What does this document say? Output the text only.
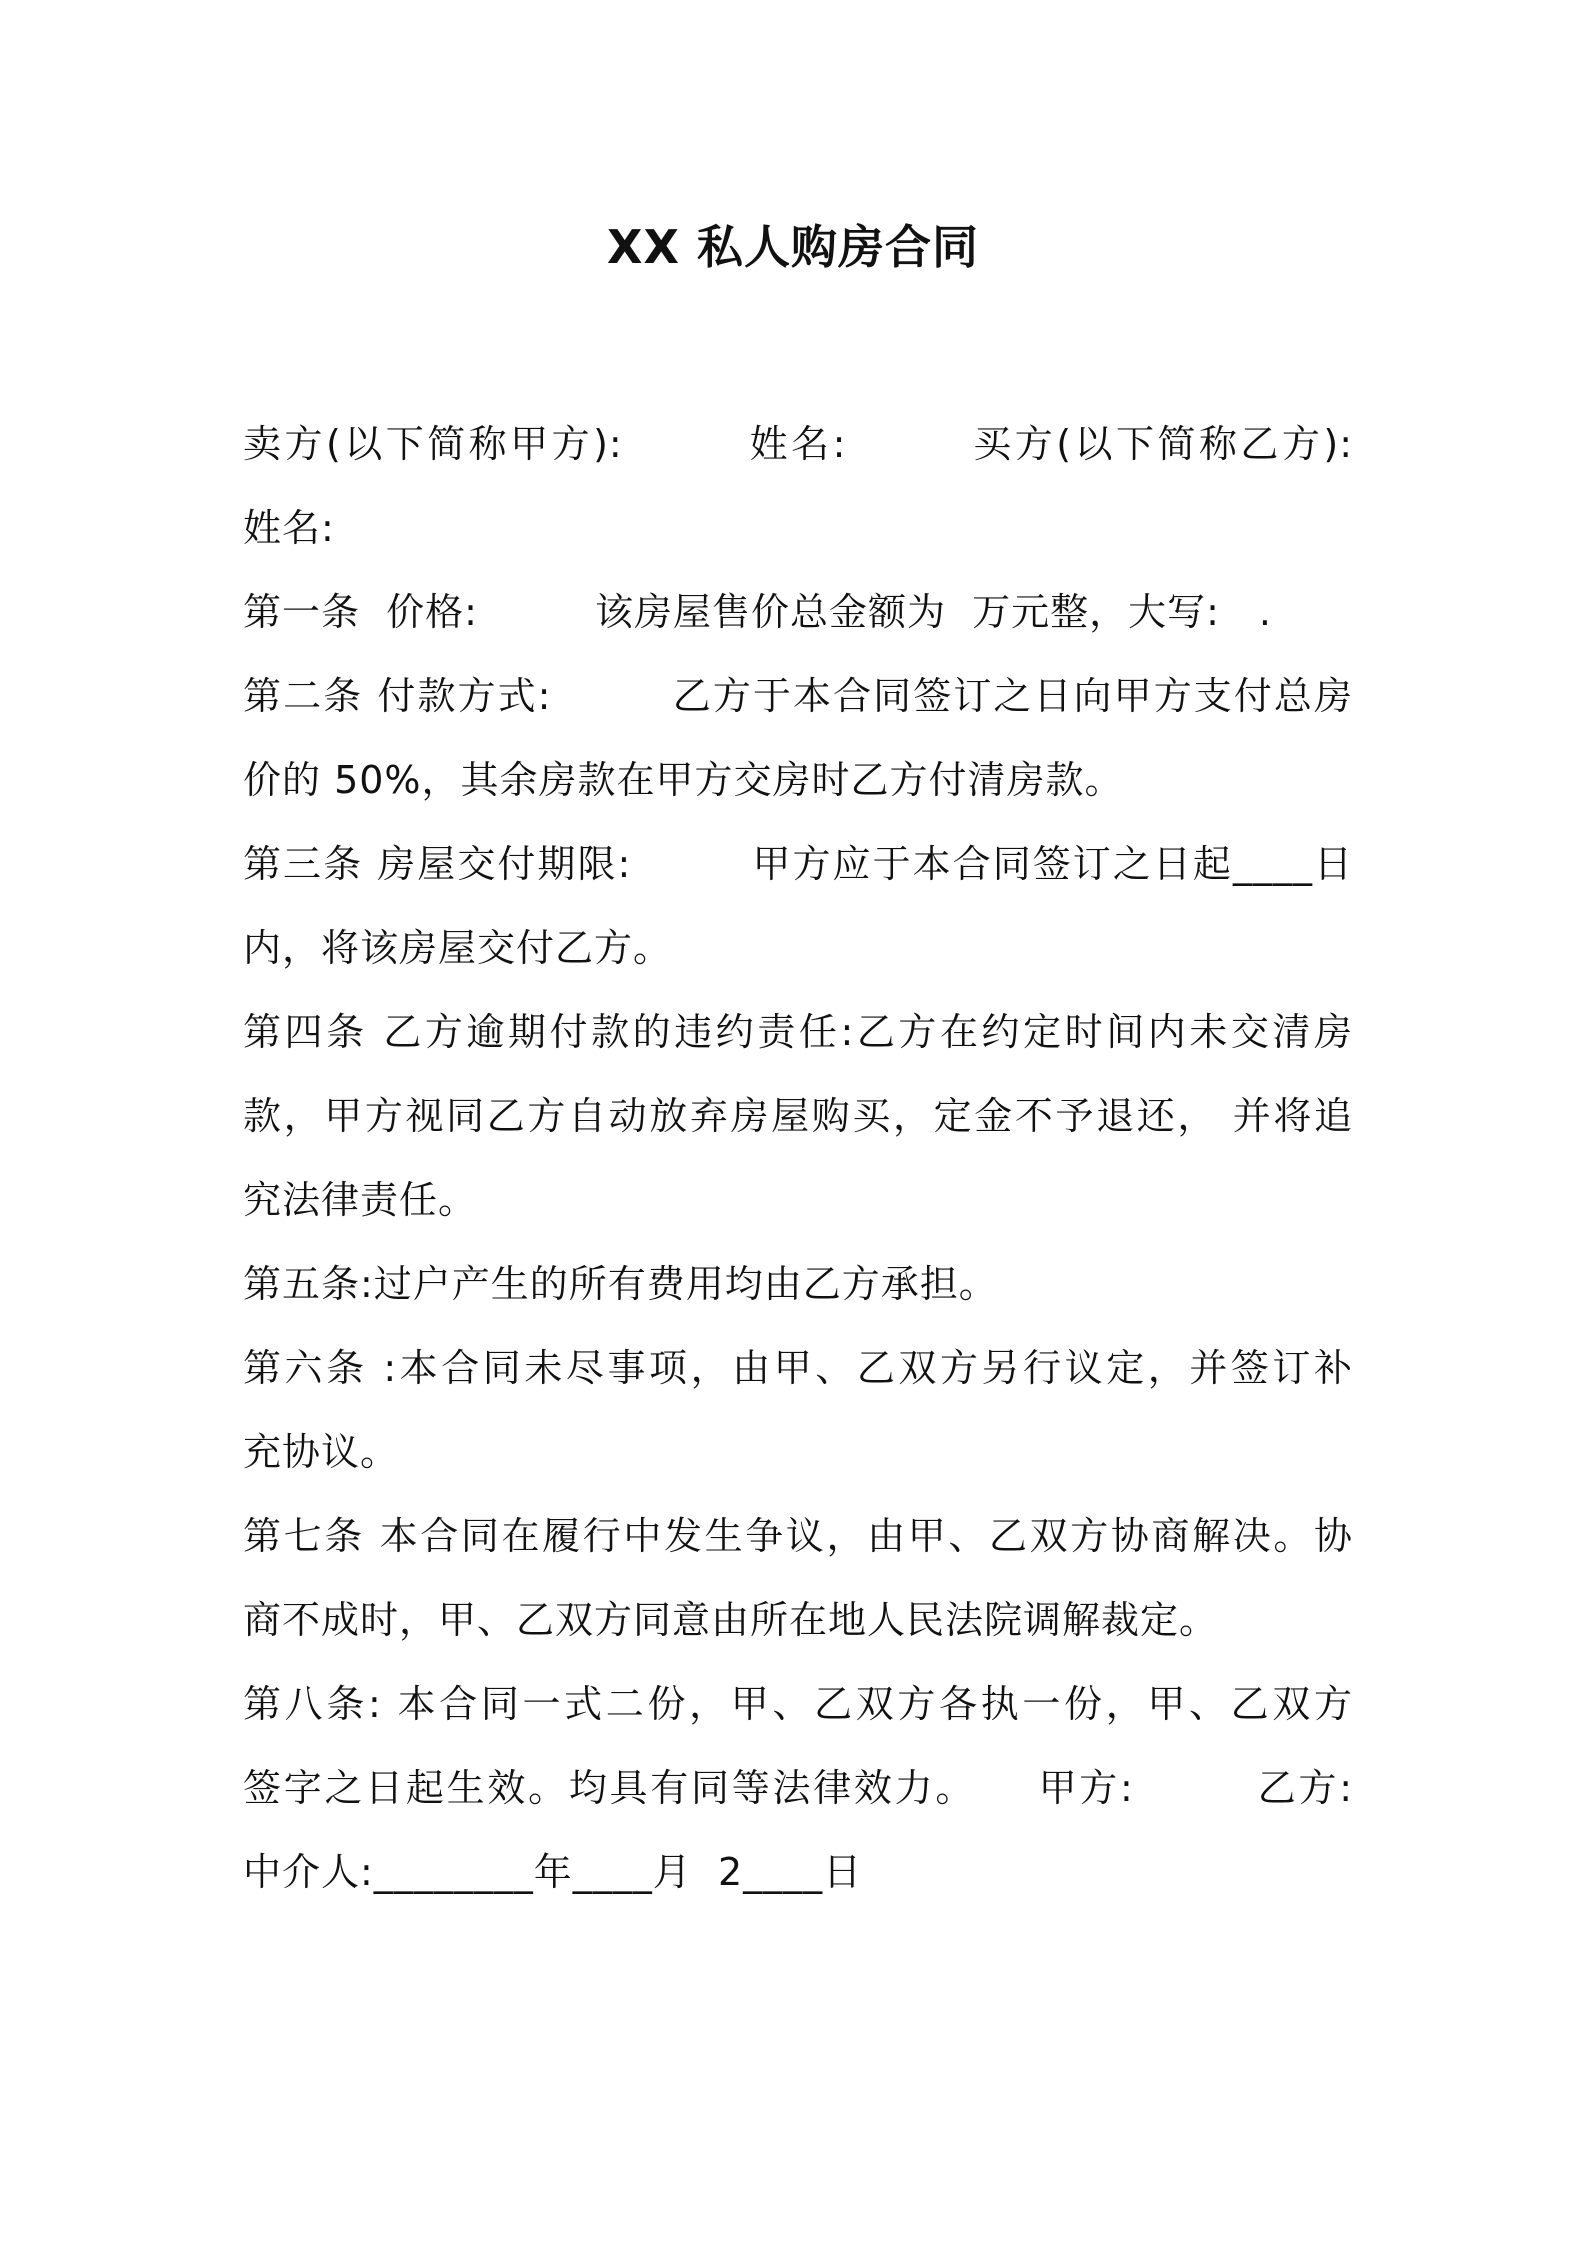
XX 私人购房合同
卖方(以下简称甲方):　　　姓名:　　　买方(以下简称乙方):
姓名:
第一条  价格:　　　该房屋售价总金额为  万元整，大写:　.
第二条 付款方式:　　　乙方于本合同签订之日向甲方支付总房
价的 50%，其余房款在甲方交房时乙方付清房款。
第三条 房屋交付期限:　　　甲方应于本合同签订之日起____日
内，将该房屋交付乙方。
第四条 乙方逾期付款的违约责任:乙方在约定时间内未交清房
款，甲方视同乙方自动放弃房屋购买，定金不予退还， 并将追
究法律责任。
第五条:过户产生的所有费用均由乙方承担。
第六条 :本合同未尽事项，由甲、乙双方另行议定，并签订补
充协议。
第七条 本合同在履行中发生争议，由甲、乙双方协商解决。协
商不成时，甲、乙双方同意由所在地人民法院调解裁定。
第八条: 本合同一式二份，甲、乙双方各执一份，甲、乙双方
签字之日起生效。均具有同等法律效力。　　甲方:　　　乙方:
中介人:________年____月  2____日
